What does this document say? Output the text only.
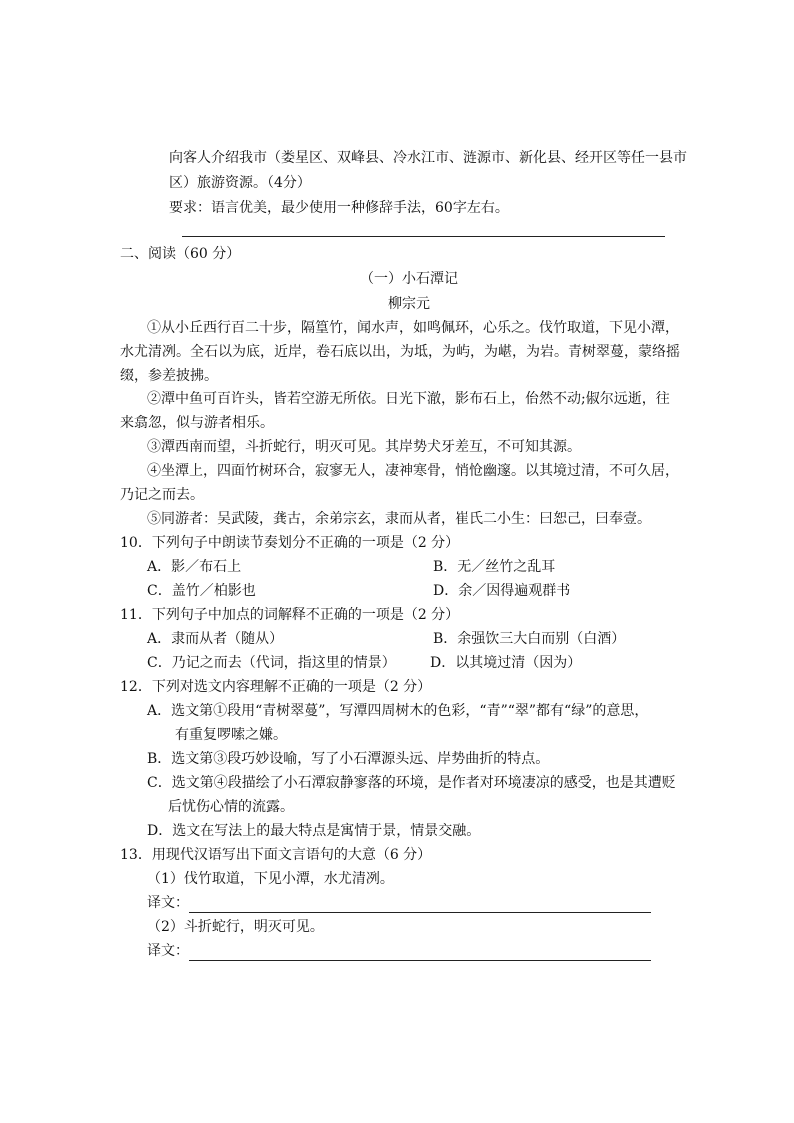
向客人介绍我市（娄星区、双峰县、冷水江市、涟源市、新化县、经开区等任一县市
区）旅游资源。（4分）
要求：语言优美，最少使用一种修辞手法，60字左右。
二、阅读（60 分）
（一）小石潭记
柳宗元
①从小丘西行百二十步，隔篁竹，闻水声，如鸣佩环，心乐之。伐竹取道，下见小潭，
水尤清冽。全石以为底，近岸，卷石底以出，为坻，为屿，为嵁，为岩。青树翠蔓，蒙络摇
缀，参差披拂。
②潭中鱼可百许头，皆若空游无所依。日光下澈，影布石上，佁然不动;俶尔远逝，往
来翕忽，似与游者相乐。
③潭西南而望，斗折蛇行，明灭可见。其岸势犬牙差互，不可知其源。
④坐潭上，四面竹树环合，寂寥无人，凄神寒骨，悄怆幽邃。以其境过清，不可久居，
乃记之而去。
⑤同游者：吴武陵，龚古，余弟宗玄，隶而从者，崔氏二小生：曰恕己，曰奉壹。
10．下列句子中朗读节奏划分不正确的一项是（2 分）
A．影／布石上	B．无／丝竹之乱耳
C．盖竹／柏影也	D．余／因得遍观群书
11．下列句子中加点的词解释不正确的一项是（2 分）
A．隶而从者（随从）	B．余强饮三大白而别（白酒）
C．乃记之而去（代词，指这里的情景） D．以其境过清（因为）
12．下列对选文内容理解不正确的一项是（2 分）
A．选文第①段用“青树翠蔓”，写潭四周树木的色彩，“青”“翠”都有“绿”的意思，
有重复啰嗦之嫌。
B．选文第③段巧妙设喻，写了小石潭源头远、岸势曲折的特点。
C．选文第④段描绘了小石潭寂静寥落的环境，是作者对环境凄凉的感受，也是其遭贬
后忧伤心情的流露。
D．选文在写法上的最大特点是寓情于景，情景交融。
13．用现代汉语写出下面文言语句的大意（6 分）
（1）伐竹取道，下见小潭，水尤清冽。
译文：
（2）斗折蛇行，明灭可见。
译文：
